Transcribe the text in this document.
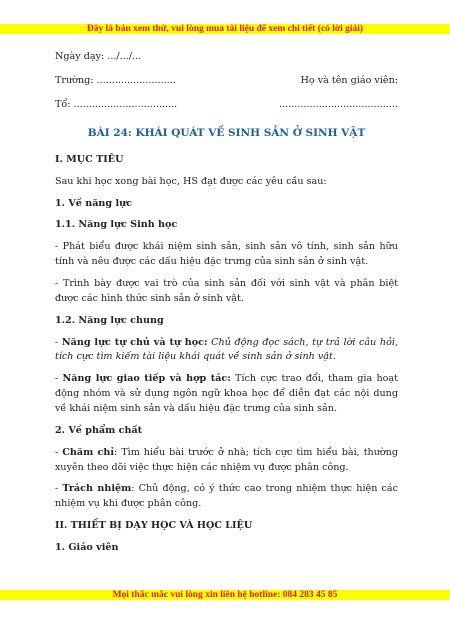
Đây là bản xem thử, vui lòng mua tài liệu để xem chi tiết (có lời giải)
Ngày dạy: .../.../...
Trường: ..........................	Họ và tên giáo viên:
Tổ: ..................................	.......................................
BÀI 24: KHÁI QUÁT VỀ SINH SẢN Ở SINH VẬT
I. MỤC TIÊU
Sau khi học xong bài học, HS đạt được các yêu cầu sau:
1. Về năng lực
1.1. Năng lực Sinh học
- Phát biểu được khái niệm sinh sản, sinh sản vô tính, sinh sản hữu tính và nêu được các dấu hiệu đặc trưng của sinh sản ở sinh vật.
- Trình bày được vai trò của sinh sản đối với sinh vật và phân biệt được các hình thức sinh sản ở sinh vật.
1.2. Năng lực chung
- Năng lực tự chủ và tự học: Chủ động đọc sách, tự trả lời câu hỏi, tích cực tìm kiếm tài liệu khái quát về sinh sản ở sinh vật.
- Năng lực giao tiếp và hợp tác: Tích cực trao đổi, tham gia hoạt động nhóm và sử dụng ngôn ngữ khoa học để diễn đạt các nội dung về khái niệm sinh sản và dấu hiệu đặc trưng của sinh sản.
2. Về phẩm chất
- Chăm chỉ: Tìm hiểu bài trước ở nhà; tích cực tìm hiểu bài, thường xuyên theo dõi việc thực hiện các nhiệm vụ được phân công.
- Trách nhiệm: Chủ động, có ý thức cao trong nhiệm thực hiện các nhiệm vụ khi được phân công.
II. THIẾT BỊ DẠY HỌC VÀ HỌC LIỆU
1. Giáo viên
Mọi thắc mắc vui lòng xin liên hệ hotline: 084 283 45 85
